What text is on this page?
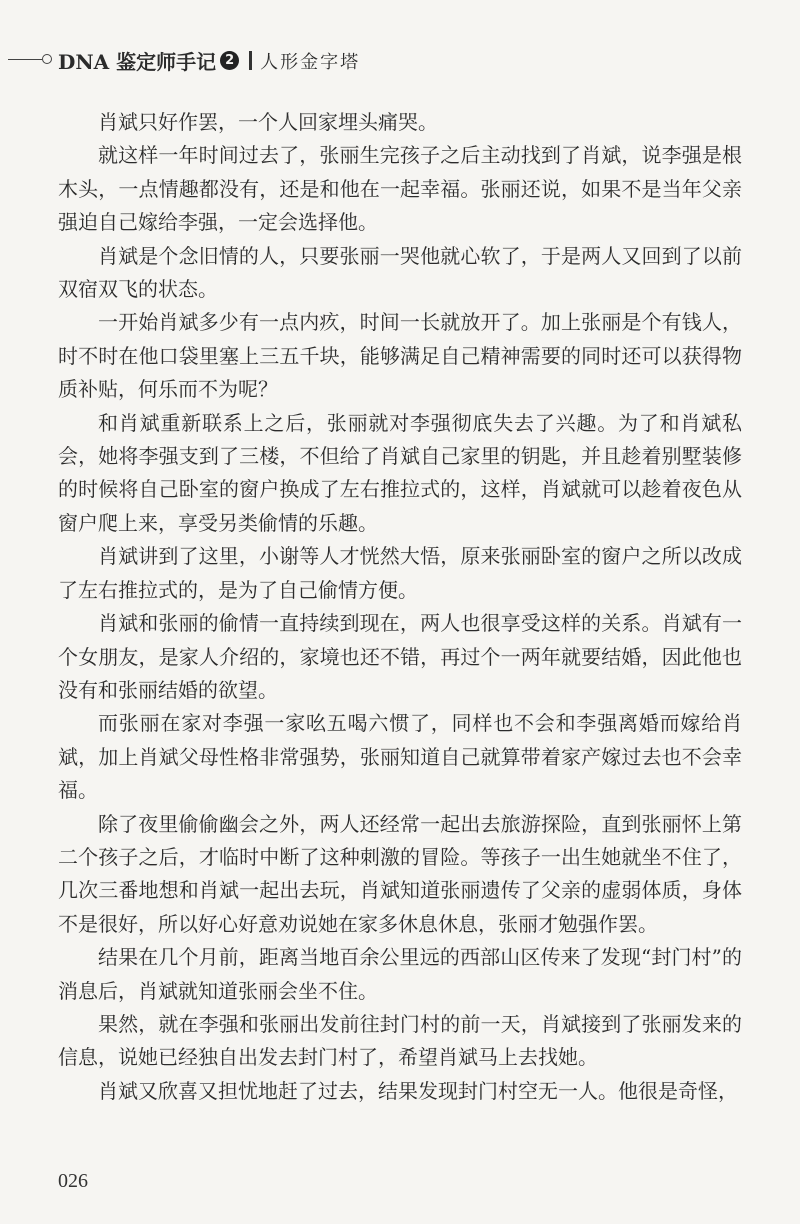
DNA 鉴定师手记 2 人形金字塔

肖斌只好作罢，一个人回家埋头痛哭。

就这样一年时间过去了，张丽生完孩子之后主动找到了肖斌，说李强是根木头，一点情趣都没有，还是和他在一起幸福。张丽还说，如果不是当年父亲强迫自己嫁给李强，一定会选择他。

肖斌是个念旧情的人，只要张丽一哭他就心软了，于是两人又回到了以前双宿双飞的状态。

一开始肖斌多少有一点内疚，时间一长就放开了。加上张丽是个有钱人，时不时在他口袋里塞上三五千块，能够满足自己精神需要的同时还可以获得物质补贴，何乐而不为呢？

和肖斌重新联系上之后，张丽就对李强彻底失去了兴趣。为了和肖斌私会，她将李强支到了三楼，不但给了肖斌自己家里的钥匙，并且趁着别墅装修的时候将自己卧室的窗户换成了左右推拉式的，这样，肖斌就可以趁着夜色从窗户爬上来，享受另类偷情的乐趣。

肖斌讲到了这里，小谢等人才恍然大悟，原来张丽卧室的窗户之所以改成了左右推拉式的，是为了自己偷情方便。

肖斌和张丽的偷情一直持续到现在，两人也很享受这样的关系。肖斌有一个女朋友，是家人介绍的，家境也还不错，再过个一两年就要结婚，因此他也没有和张丽结婚的欲望。

而张丽在家对李强一家吆五喝六惯了，同样也不会和李强离婚而嫁给肖斌，加上肖斌父母性格非常强势，张丽知道自己就算带着家产嫁过去也不会幸福。

除了夜里偷偷幽会之外，两人还经常一起出去旅游探险，直到张丽怀上第二个孩子之后，才临时中断了这种刺激的冒险。等孩子一出生她就坐不住了，几次三番地想和肖斌一起出去玩，肖斌知道张丽遗传了父亲的虚弱体质，身体不是很好，所以好心好意劝说她在家多休息休息，张丽才勉强作罢。

结果在几个月前，距离当地百余公里远的西部山区传来了发现“封门村”的消息后，肖斌就知道张丽会坐不住。

果然，就在李强和张丽出发前往封门村的前一天，肖斌接到了张丽发来的信息，说她已经独自出发去封门村了，希望肖斌马上去找她。

肖斌又欣喜又担忧地赶了过去，结果发现封门村空无一人。他很是奇怪，

026
